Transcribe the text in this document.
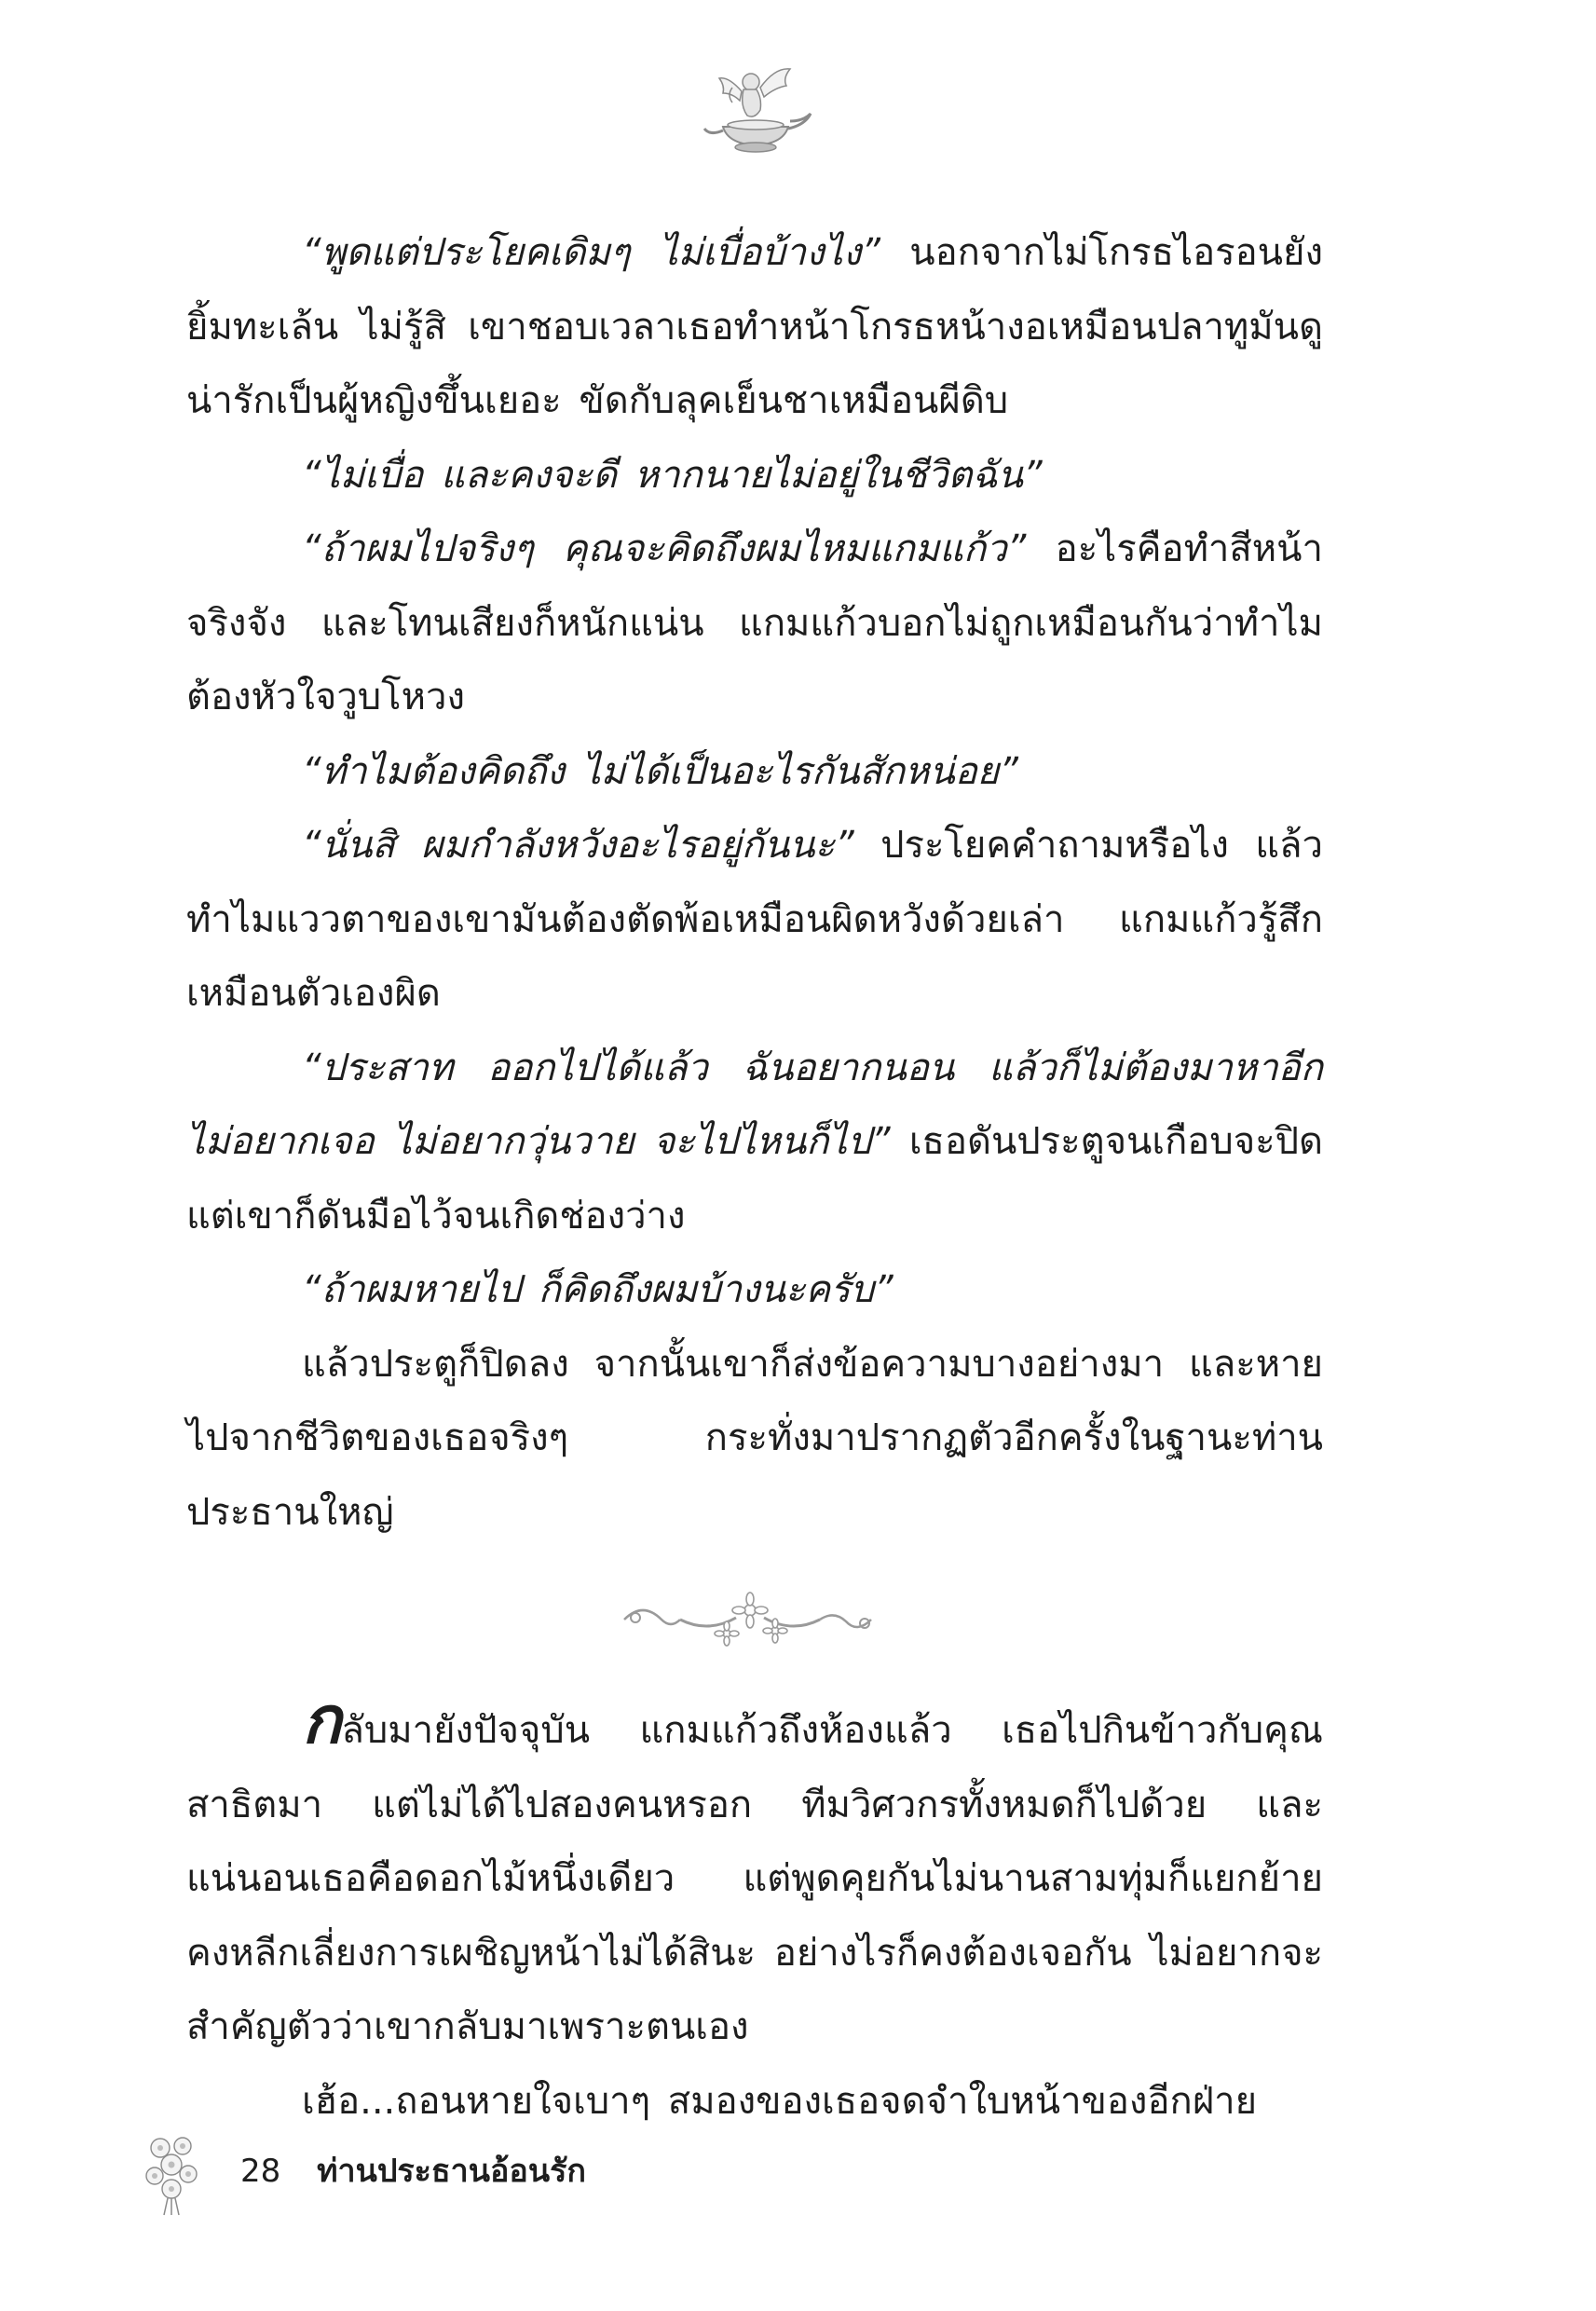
“พูดแต่ประโยคเดิมๆ ไม่เบื่อบ้างไง” นอกจากไม่โกรธไอรอนยังยิ้มทะเล้น ไม่รู้สิ เขาชอบเวลาเธอทำหน้าโกรธหน้างอเหมือนปลาทูมันดูน่ารักเป็นผู้หญิงขึ้นเยอะ ขัดกับลุคเย็นชาเหมือนผีดิบ

“ไม่เบื่อ และคงจะดี หากนายไม่อยู่ในชีวิตฉัน”

“ถ้าผมไปจริงๆ คุณจะคิดถึงผมไหมแกมแก้ว” อะไรคือทำสีหน้าจริงจัง และโทนเสียงก็หนักแน่น แกมแก้วบอกไม่ถูกเหมือนกันว่าทำไมต้องหัวใจวูบโหวง

“ทำไมต้องคิดถึง ไม่ได้เป็นอะไรกันสักหน่อย”

“นั่นสิ ผมกำลังหวังอะไรอยู่กันนะ” ประโยคคำถามหรือไง แล้วทำไมแววตาของเขามันต้องตัดพ้อเหมือนผิดหวังด้วยเล่า แกมแก้วรู้สึกเหมือนตัวเองผิด

“ประสาท ออกไปได้แล้ว ฉันอยากนอน แล้วก็ไม่ต้องมาหาอีก ไม่อยากเจอ ไม่อยากวุ่นวาย จะไปไหนก็ไป” เธอดันประตูจนเกือบจะปิด แต่เขาก็ดันมือไว้จนเกิดช่องว่าง

“ถ้าผมหายไป ก็คิดถึงผมบ้างนะครับ”

แล้วประตูก็ปิดลง จากนั้นเขาก็ส่งข้อความบางอย่างมา และหายไปจากชีวิตของเธอจริงๆ กระทั่งมาปรากฏตัวอีกครั้งในฐานะท่านประธานใหญ่

กลับมายังปัจจุบัน แกมแก้วถึงห้องแล้ว เธอไปกินข้าวกับคุณสาธิตมา แต่ไม่ได้ไปสองคนหรอก ทีมวิศวกรทั้งหมดก็ไปด้วย และแน่นอนเธอคือดอกไม้หนึ่งเดียว แต่พูดคุยกันไม่นานสามทุ่มก็แยกย้าย คงหลีกเลี่ยงการเผชิญหน้าไม่ได้สินะ อย่างไรก็คงต้องเจอกัน ไม่อยากจะสำคัญตัวว่าเขากลับมาเพราะตนเอง

เฮ้อ...ถอนหายใจเบาๆ สมองของเธอจดจำใบหน้าของอีกฝ่าย

28 ท่านประธานอ้อนรัก
